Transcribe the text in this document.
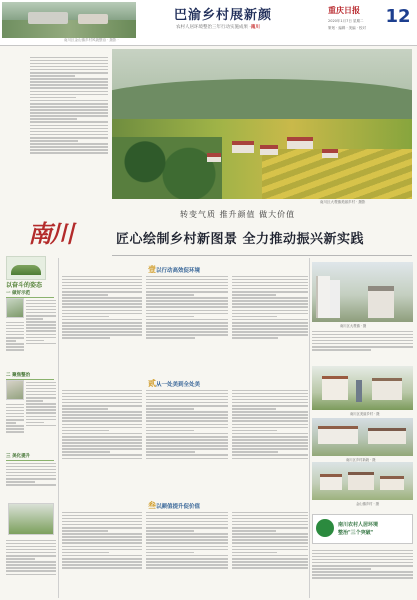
南川区金山镇乡村风貌整治 · 摄影 ·
巴渝乡村展新颜
农村人居环境整治三年行动实施成果 ·南川
重庆日报 12
2020年1月7日 星期二
策划 · 编辑 · 美编 · 校对
南川区大观镇美丽乡村 · 摄影
南川
转变气质 推升颜值 做大价值
匠心绘制乡村新图景 全力推动振兴新实践
以奋斗的姿态
一 做好示范
二 聚焦整治
三 美化提升
壹以行动高效促环境
贰从一处美到全处美
叁以颜值提升促价值
南川区大观镇 · 摄
南川区美丽乡村 · 摄
南川区乡村新貌 · 摄
金山镇乡村 · 摄
南川农村人居环境
整治"三个突破"
